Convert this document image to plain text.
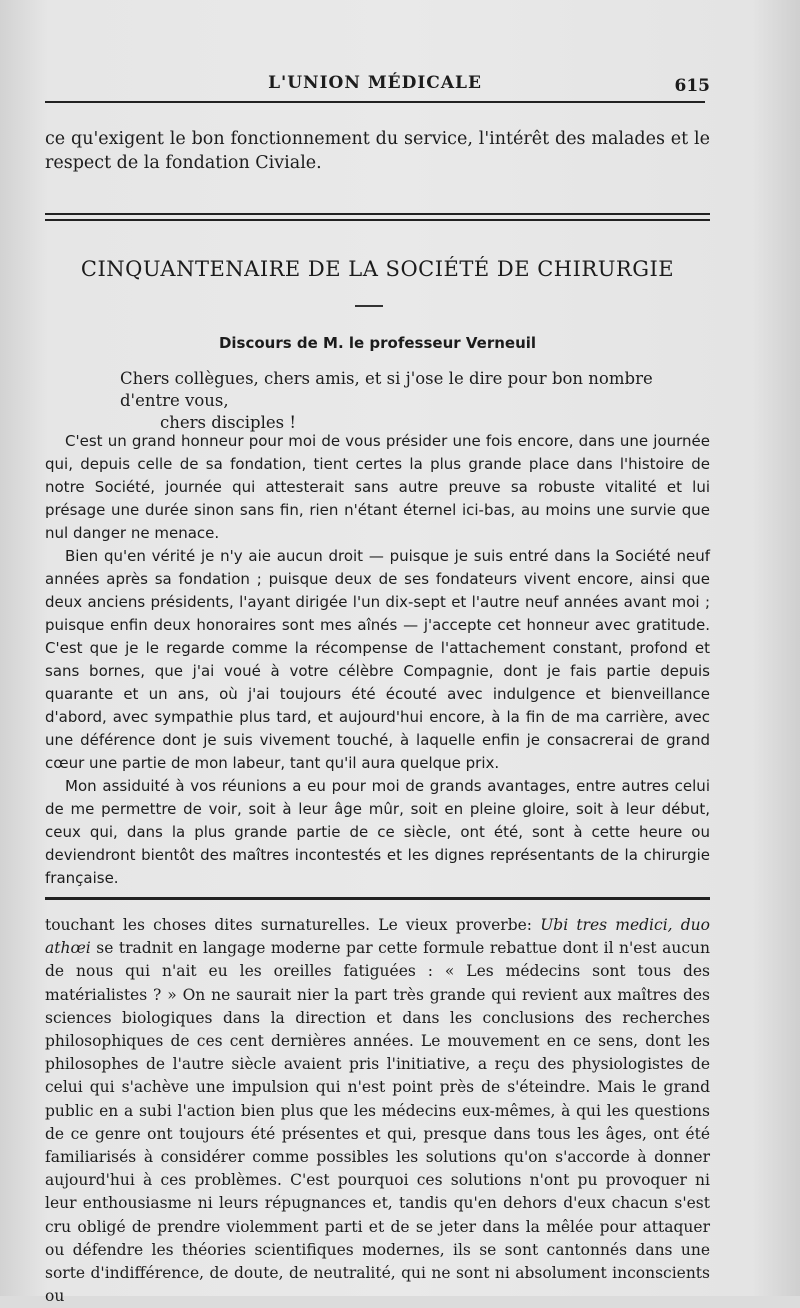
L'UNION MÉDICALE	615

ce qu'exigent le bon fonctionnement du service, l'intérêt des malades et le respect de la fondation Civiale.

CINQUANTENAIRE DE LA SOCIÉTÉ DE CHIRURGIE
Discours de M. le professeur Verneuil
Chers collègues, chers amis, et si j'ose le dire pour bon nombre d'entre vous,
chers disciples !

C'est un grand honneur pour moi de vous présider une fois encore, dans une journée qui, depuis celle de sa fondation, tient certes la plus grande place dans l'histoire de notre Société, journée qui attesterait sans autre preuve sa robuste vitalité et lui présage une durée sinon sans fin, rien n'étant éternel ici-bas, au moins une survie que nul danger ne menace.

Bien qu'en vérité je n'y aie aucun droit — puisque je suis entré dans la Société neuf années après sa fondation ; puisque deux de ses fondateurs vivent encore, ainsi que deux anciens présidents, l'ayant dirigée l'un dix-sept et l'autre neuf années avant moi ; puisque enfin deux honoraires sont mes aînés — j'accepte cet honneur avec gratitude. C'est que je le regarde comme la récompense de l'attachement constant, profond et sans bornes, que j'ai voué à votre célèbre Compagnie, dont je fais partie depuis quarante et un ans, où j'ai toujours été écouté avec indulgence et bienveillance d'abord, avec sympathie plus tard, et aujourd'hui encore, à la fin de ma carrière, avec une déférence dont je suis vivement touché, à laquelle enfin je consacrerai de grand cœur une partie de mon labeur, tant qu'il aura quelque prix.

Mon assiduité à vos réunions a eu pour moi de grands avantages, entre autres celui de me permettre de voir, soit à leur âge mûr, soit en pleine gloire, soit à leur début, ceux qui, dans la plus grande partie de ce siècle, ont été, sont à cette heure ou deviendront bientôt des maîtres incontestés et les dignes représentants de la chirurgie française.

touchant les choses dites surnaturelles. Le vieux proverbe: Ubi tres medici, duo athœi se tradnit en langage moderne par cette formule rebattue dont il n'est aucun de nous qui n'ait eu les oreilles fatiguées : « Les médecins sont tous des matérialistes ? » On ne saurait nier la part très grande qui revient aux maîtres des sciences biologiques dans la direction et dans les conclusions des recherches philosophiques de ces cent dernières années. Le mouvement en ce sens, dont les philosophes de l'autre siècle avaient pris l'initiative, a reçu des physiologistes de celui qui s'achève une impulsion qui n'est point près de s'éteindre. Mais le grand public en a subi l'action bien plus que les médecins eux-mêmes, à qui les questions de ce genre ont toujours été présentes et qui, presque dans tous les âges, ont été familiarisés à considérer comme possibles les solutions qu'on s'accorde à donner aujourd'hui à ces problèmes. C'est pourquoi ces solutions n'ont pu provoquer ni leur enthousiasme ni leurs répugnances et, tandis qu'en dehors d'eux chacun s'est cru obligé de prendre violemment parti et de se jeter dans la mêlée pour attaquer ou défendre les théories scientifiques modernes, ils se sont cantonnés dans une sorte d'indifférence, de doute, de neutralité, qui ne sont ni absolument inconscients ou
